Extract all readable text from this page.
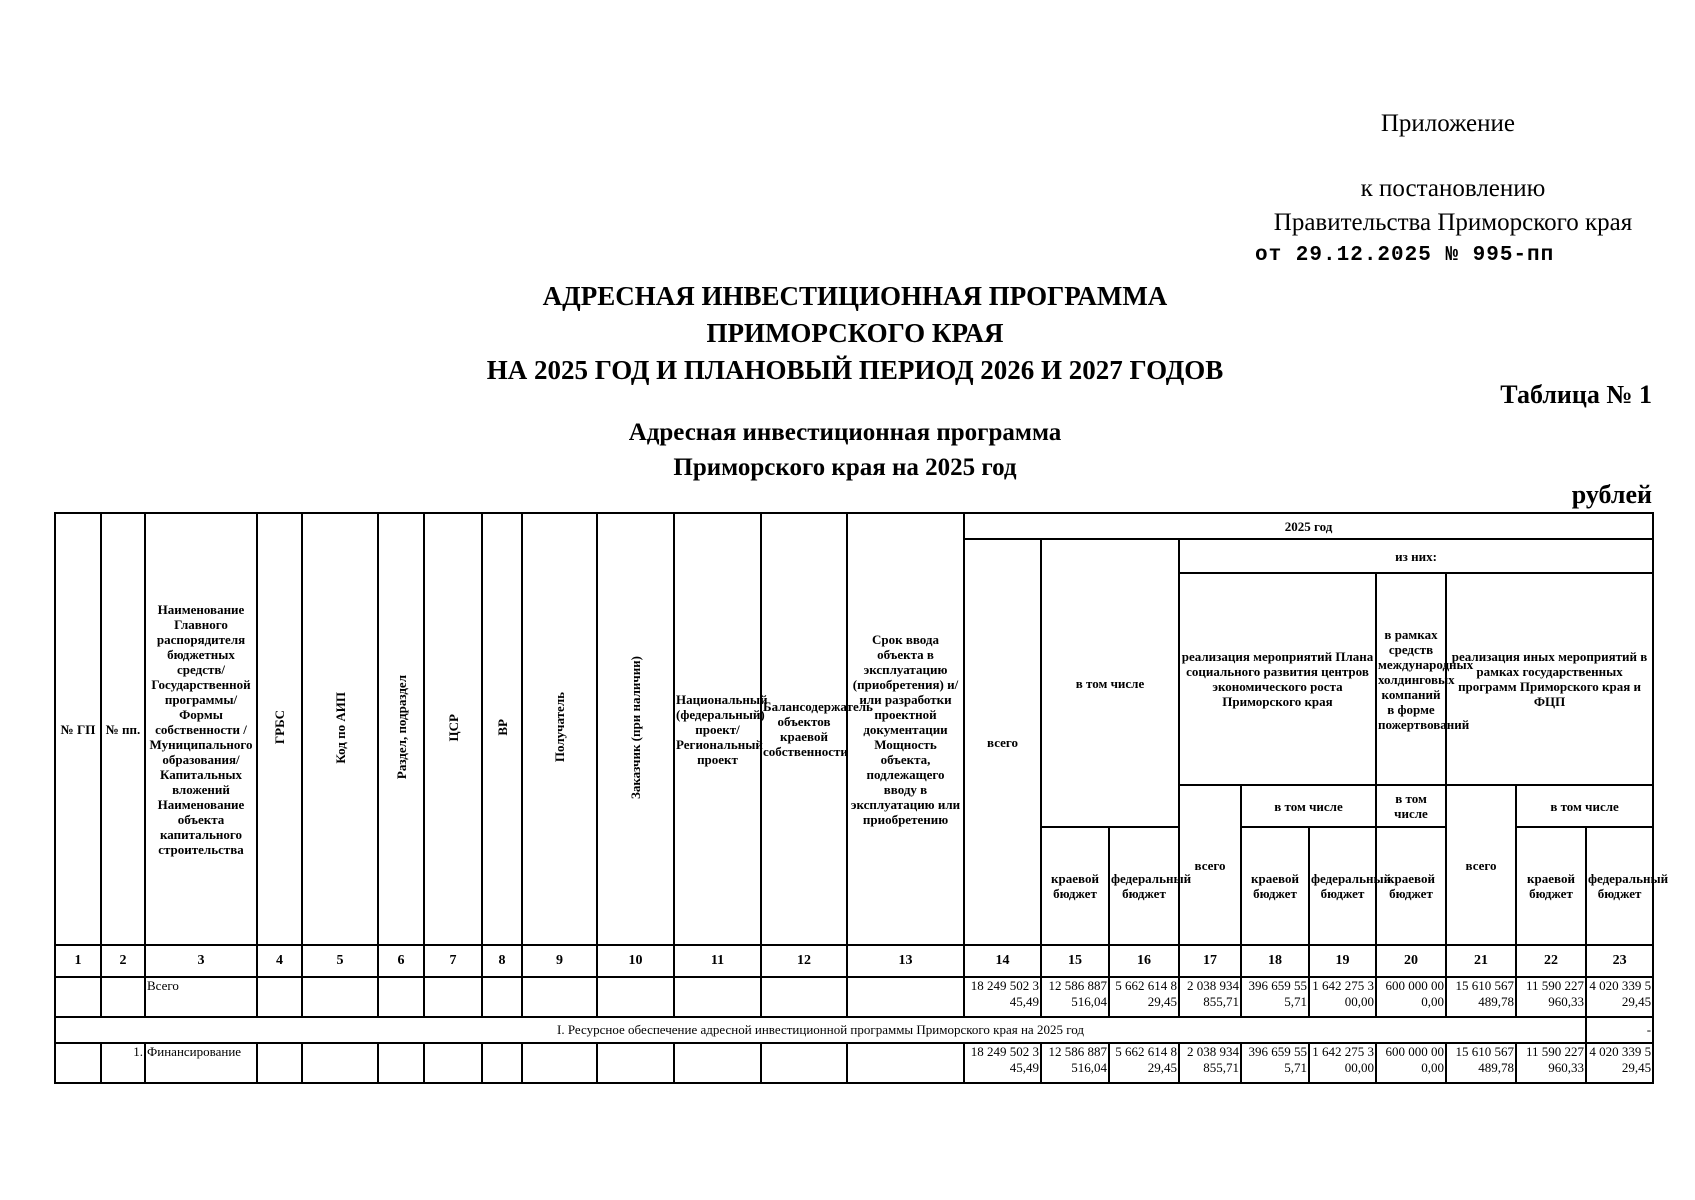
Приложение
к постановлению
Правительства Приморского края
от 29.12.2025 № 995-пп
АДРЕСНАЯ ИНВЕСТИЦИОННАЯ ПРОГРАММА
ПРИМОРСКОГО КРАЯ
НА 2025 ГОД И ПЛАНОВЫЙ ПЕРИОД 2026 И 2027 ГОДОВ
Таблица № 1
Адресная инвестиционная программа
Приморского края на 2025 год
рублей
№ ГП	№ пп.	Наименование Главного распорядителя бюджетных средств/Государственной программы/ Формы собственности /Муниципального образования/Капитальных вложений Наименование объекта капитального строительства	ГРБС	Код по АИП	Раздел, подраздел	ЦСР	ВР	Получатель	Заказчик (при наличии)	Национальный (федеральный) проект/ Региональный проект	Балансодержатель объектов краевой собственности	Срок ввода объекта в эксплуатацию (приобретения) и/или разработки проектной документации Мощность объекта, подлежащего вводу в эксплуатацию или приобретению	2025 год									
													всего	в том числе		из них:						
																реализация мероприятий Плана социального развития центров экономического роста Приморского края			в рамках средств международных холдинговых компаний в форме пожертвований	реализация иных мероприятий в рамках государственных программ Приморского края и ФЦП		
																всего	в том числе		в том числе	всего	в том числе	
														краевой бюджет	федеральный бюджет		краевой бюджет	федеральный бюджет	краевой бюджет		краевой бюджет	федеральный бюджет
1	2	3	4	5	6	7	8	9	10	11	12	13	14	15	16	17	18	19	20	21	22	23
		Всего											18 249 502 345,49	12 586 887 516,04	5 662 614 829,45	2 038 934 855,71	396 659 555,71	1 642 275 300,00	600 000 000,00	15 610 567 489,78	11 590 227 960,33	4 020 339 529,45
I. Ресурсное обеспечение адресной инвестиционной программы Приморского края на 2025 год																						-
	1.	Финансирование											18 249 502 345,49	12 586 887 516,04	5 662 614 829,45	2 038 934 855,71	396 659 555,71	1 642 275 300,00	600 000 000,00	15 610 567 489,78	11 590 227 960,33	4 020 339 529,45
